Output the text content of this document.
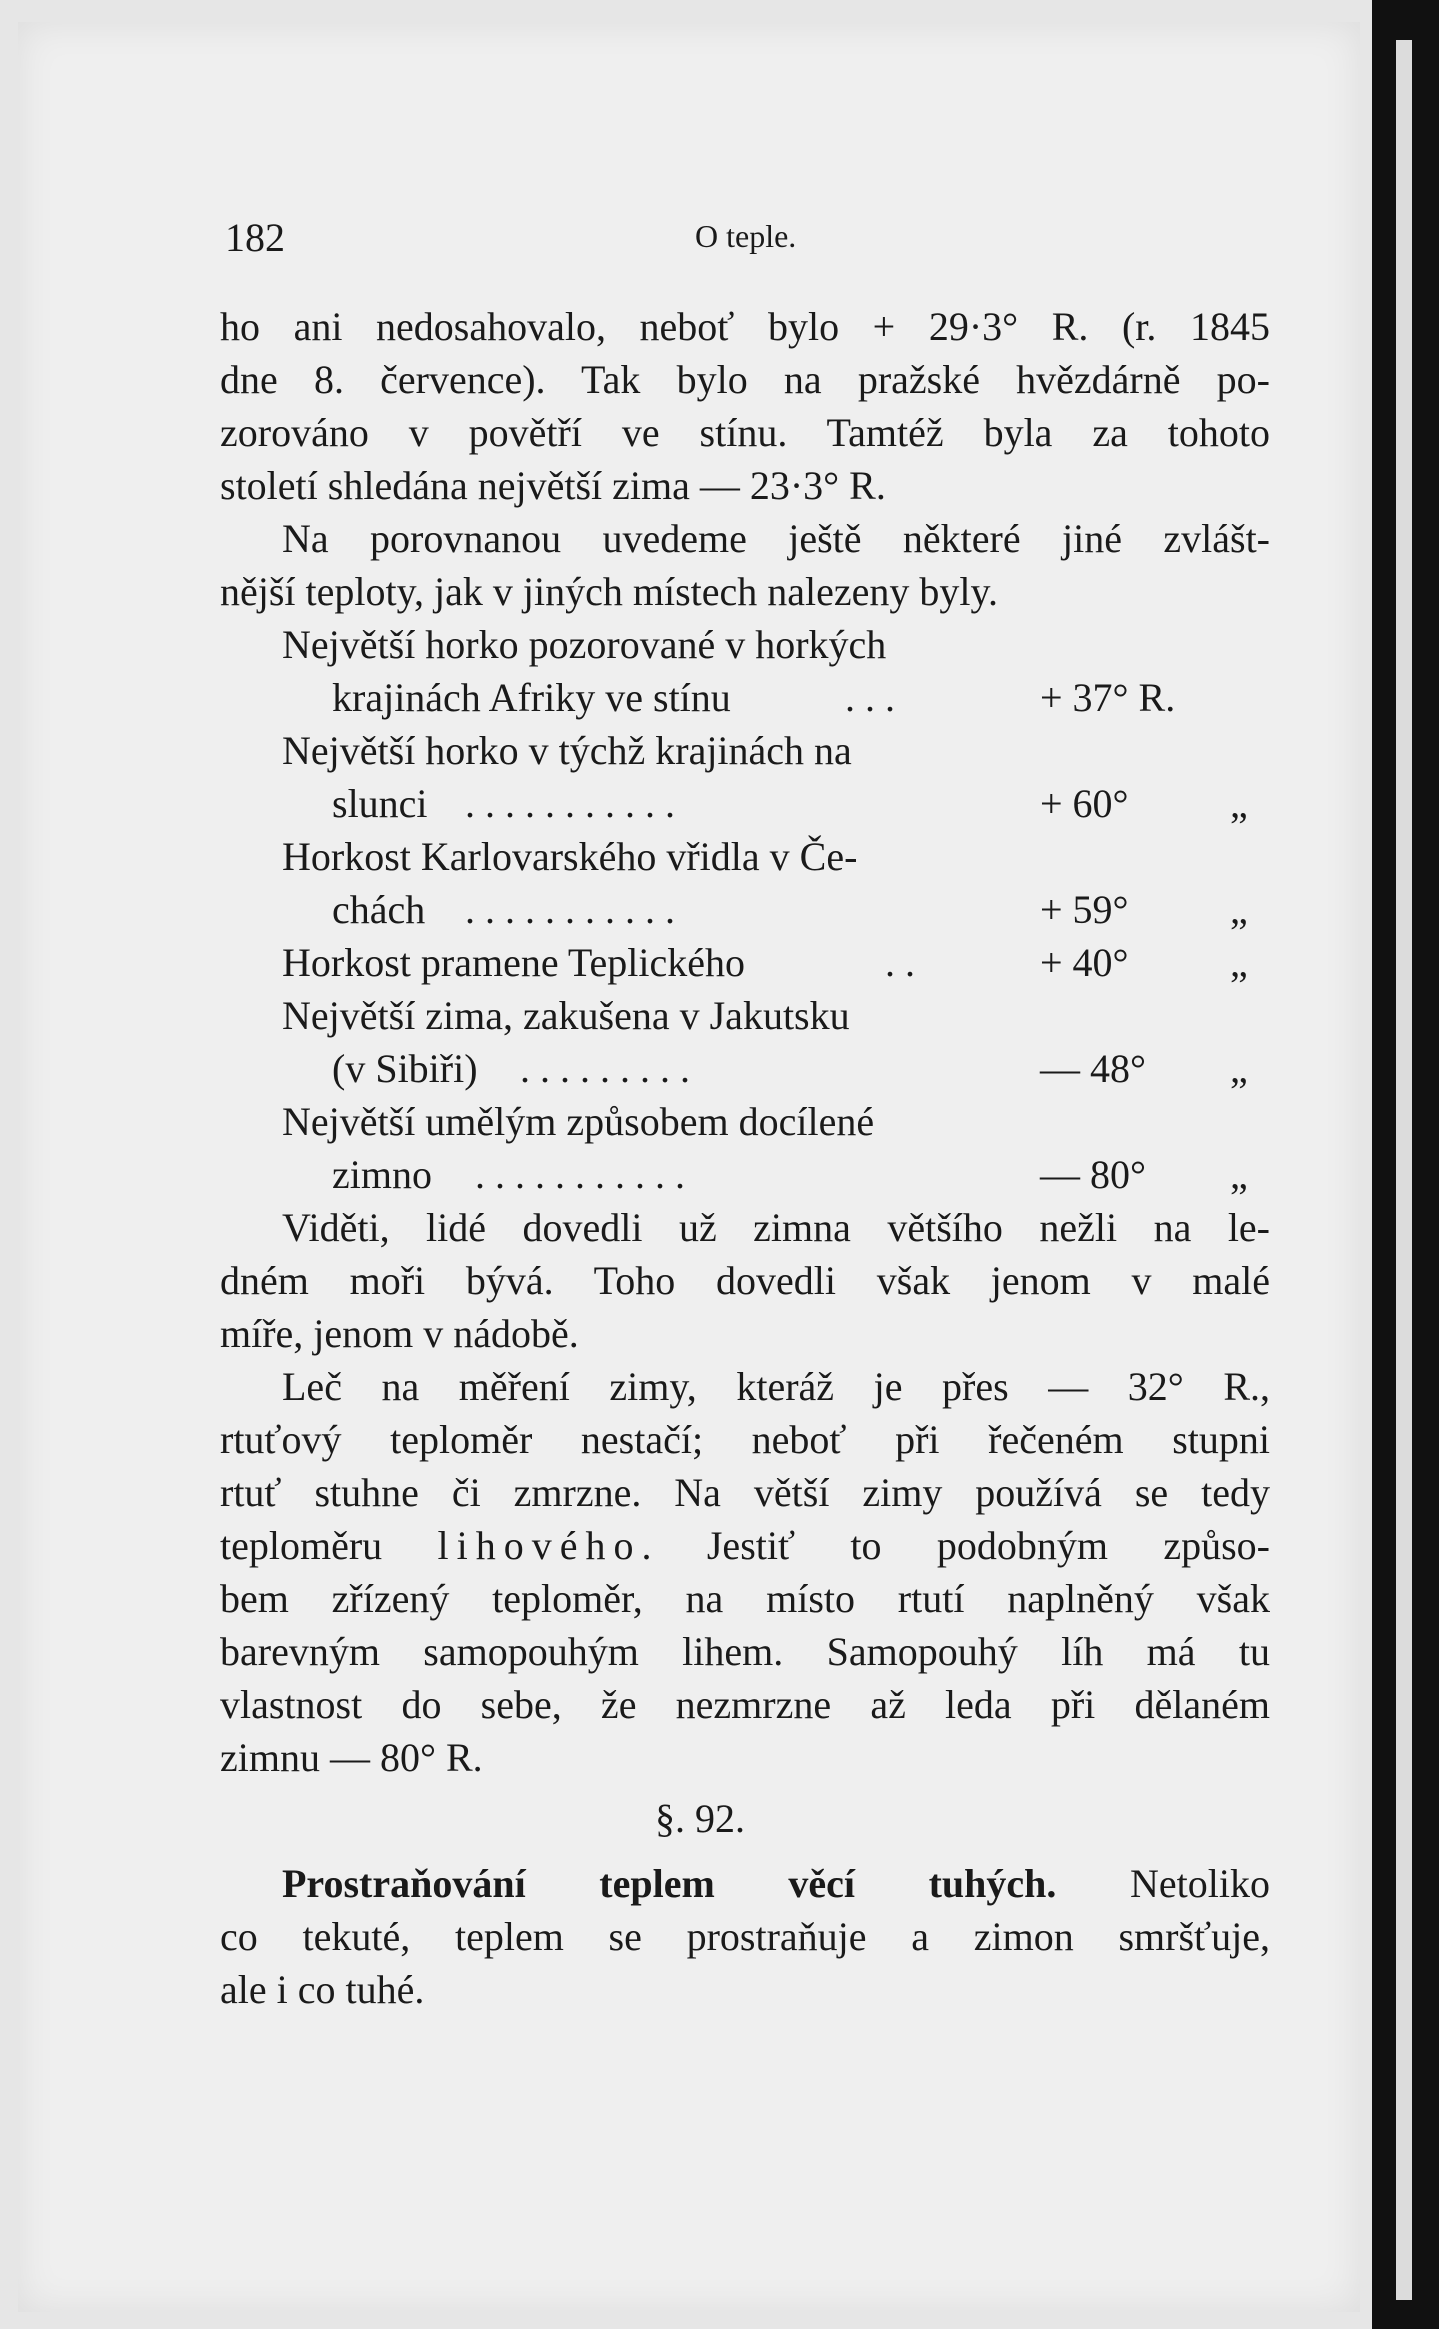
182	O teple.
ho ani nedosahovalo, neboť bylo + 29·3° R. (r. 1845
dne 8. července). Tak bylo na pražské hvězdárně po-
zorováno v povětří ve stínu. Tamtéž byla za tohoto
století shledána největší zima — 23·3° R.
Na porovnanou uvedeme ještě některé jiné zvlášt-
nější teploty, jak v jiných místech nalezeny byly.
Největší horko pozorované v horkých
krajinách Afriky ve stínu	. . .	+ 37° R.
Největší horko v týchž krajinách na
slunci . . . . . . . . . . .	+ 60°	„
Horkost Karlovarského vřidla v Če-
chách . . . . . . . . . . .	+ 59°	„
Horkost pramene Teplického	. .	+ 40°	„
Největší zima, zakušena v Jakutsku
(v Sibiři) . . . . . . . . .	— 48° „
Největší umělým způsobem docílené
zimno . . . . . . . . . . .	— 80° „
Viděti, lidé dovedli už zimna většího nežli na le-
dném moři bývá. Toho dovedli však jenom v malé
míře, jenom v nádobě.
Leč na měření zimy, kteráž je přes — 32° R.,
rtuťový teploměr nestačí; neboť při řečeném stupni
rtuť stuhne či zmrzne. Na větší zimy používá se tedy
teploměru lihového. Jestiť to podobným způso-
bem zřízený teploměr, na místo rtutí naplněný však
barevným samopouhým lihem. Samopouhý líh má tu
vlastnost do sebe, že nezmrzne až leda při dělaném
zimnu — 80° R.
§. 92.
Prostraňování teplem věcí tuhých. Netoliko
co tekuté, teplem se prostraňuje a zimon smršťuje,
ale i co tuhé.
